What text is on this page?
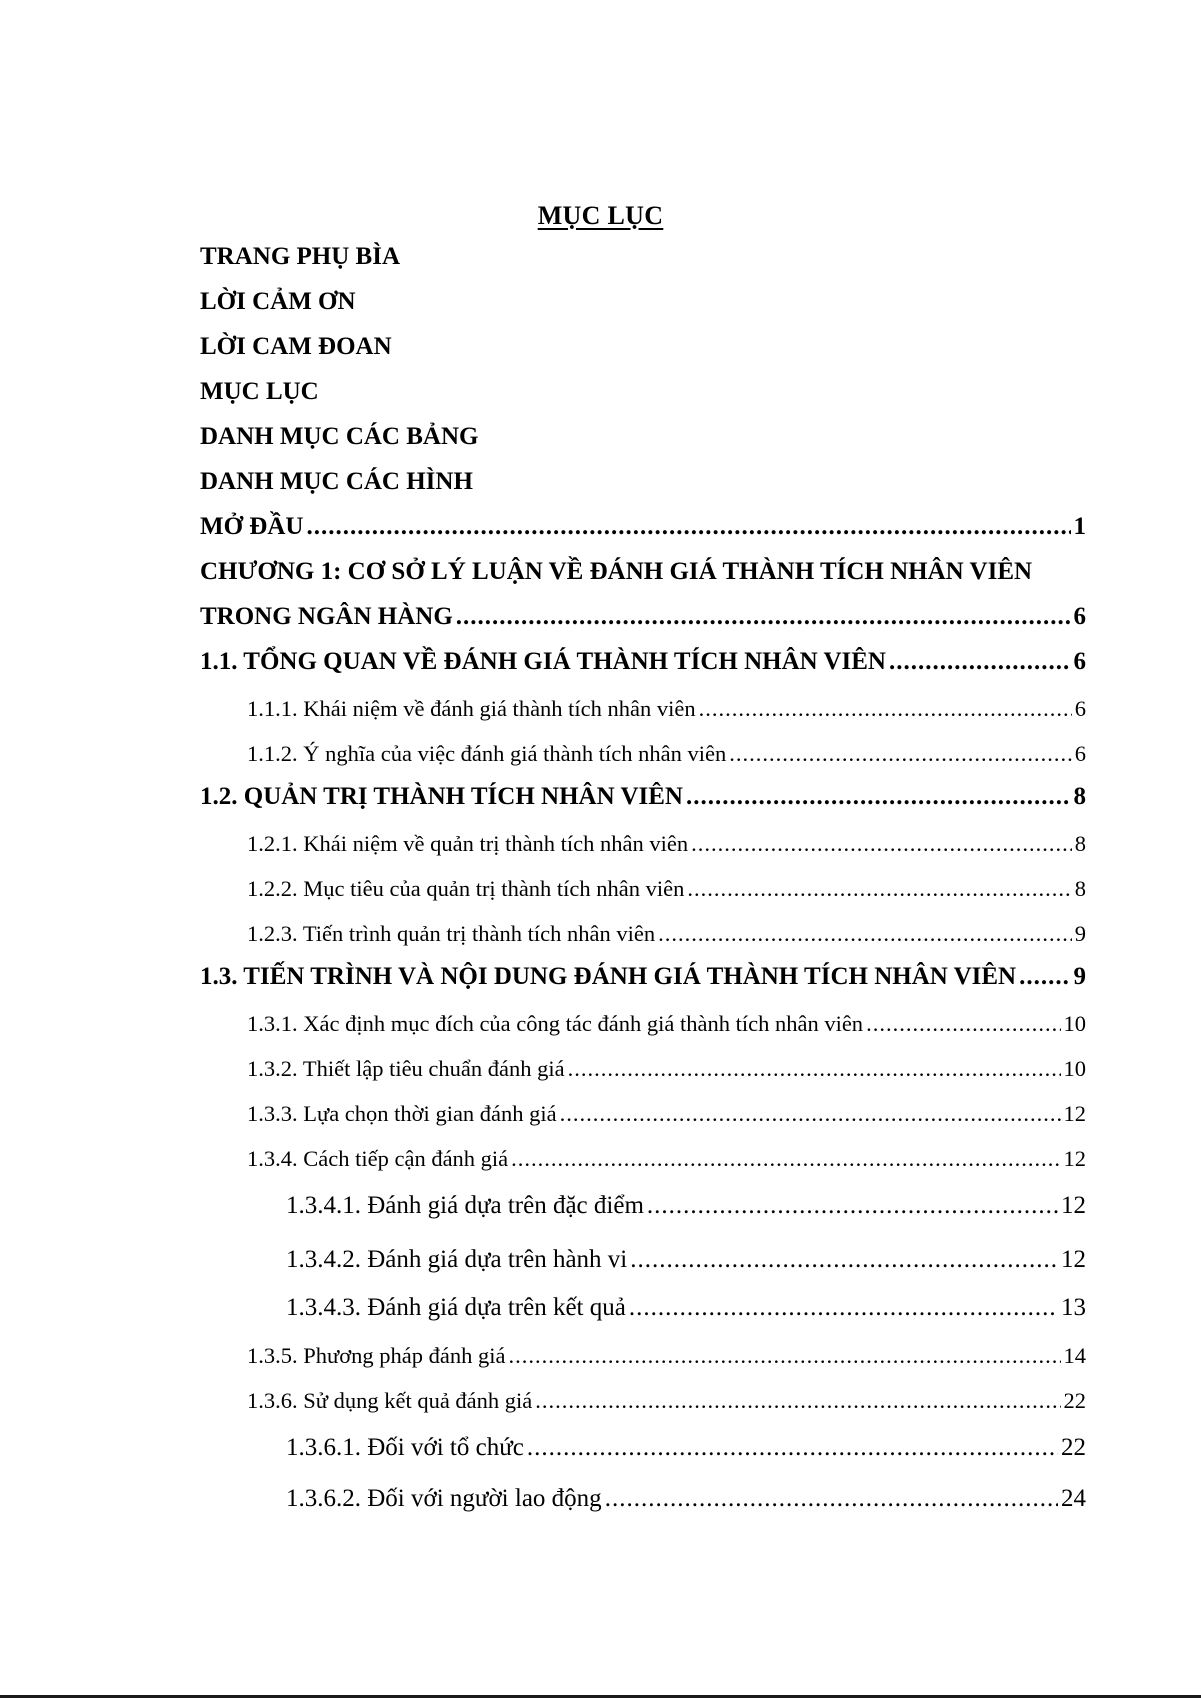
MỤC LỤC
TRANG PHỤ BÌA
LỜI CẢM ƠN
LỜI CAM ĐOAN
MỤC LỤC
DANH MỤC CÁC BẢNG
DANH MỤC CÁC HÌNH
MỞ ĐẦU .....	1
CHƯƠNG 1: CƠ SỞ LÝ LUẬN VỀ ĐÁNH GIÁ THÀNH TÍCH NHÂN VIÊN
TRONG NGÂN HÀNG .....	6
1.1. TỔNG QUAN VỀ ĐÁNH GIÁ THÀNH TÍCH NHÂN VIÊN .....	6
1.1.1. Khái niệm về đánh giá thành tích nhân viên .....	6
1.1.2. Ý nghĩa của việc đánh giá thành tích nhân viên .....	6
1.2. QUẢN TRỊ THÀNH TÍCH NHÂN VIÊN .....	8
1.2.1. Khái niệm về quản trị thành tích nhân viên .....	8
1.2.2. Mục tiêu của quản trị thành tích nhân viên .....	8
1.2.3. Tiến trình quản trị thành tích nhân viên .....	9
1.3. TIẾN TRÌNH VÀ NỘI DUNG ĐÁNH GIÁ THÀNH TÍCH NHÂN VIÊN ..... 9
1.3.1. Xác định mục đích của công tác đánh giá thành tích nhân viên .....	10
1.3.2. Thiết lập tiêu chuẩn đánh giá .....	10
1.3.3. Lựa chọn thời gian đánh giá .....	12
1.3.4. Cách tiếp cận đánh giá .....	12
1.3.4.1. Đánh giá dựa trên đặc điểm .....	12
1.3.4.2. Đánh giá dựa trên hành vi .....	12
1.3.4.3. Đánh giá dựa trên kết quả .....	13
1.3.5. Phương pháp đánh giá .....	14
1.3.6. Sử dụng kết quả đánh giá .....	22
1.3.6.1. Đối với tổ chức .....	22
1.3.6.2. Đối với người lao động .....	24
